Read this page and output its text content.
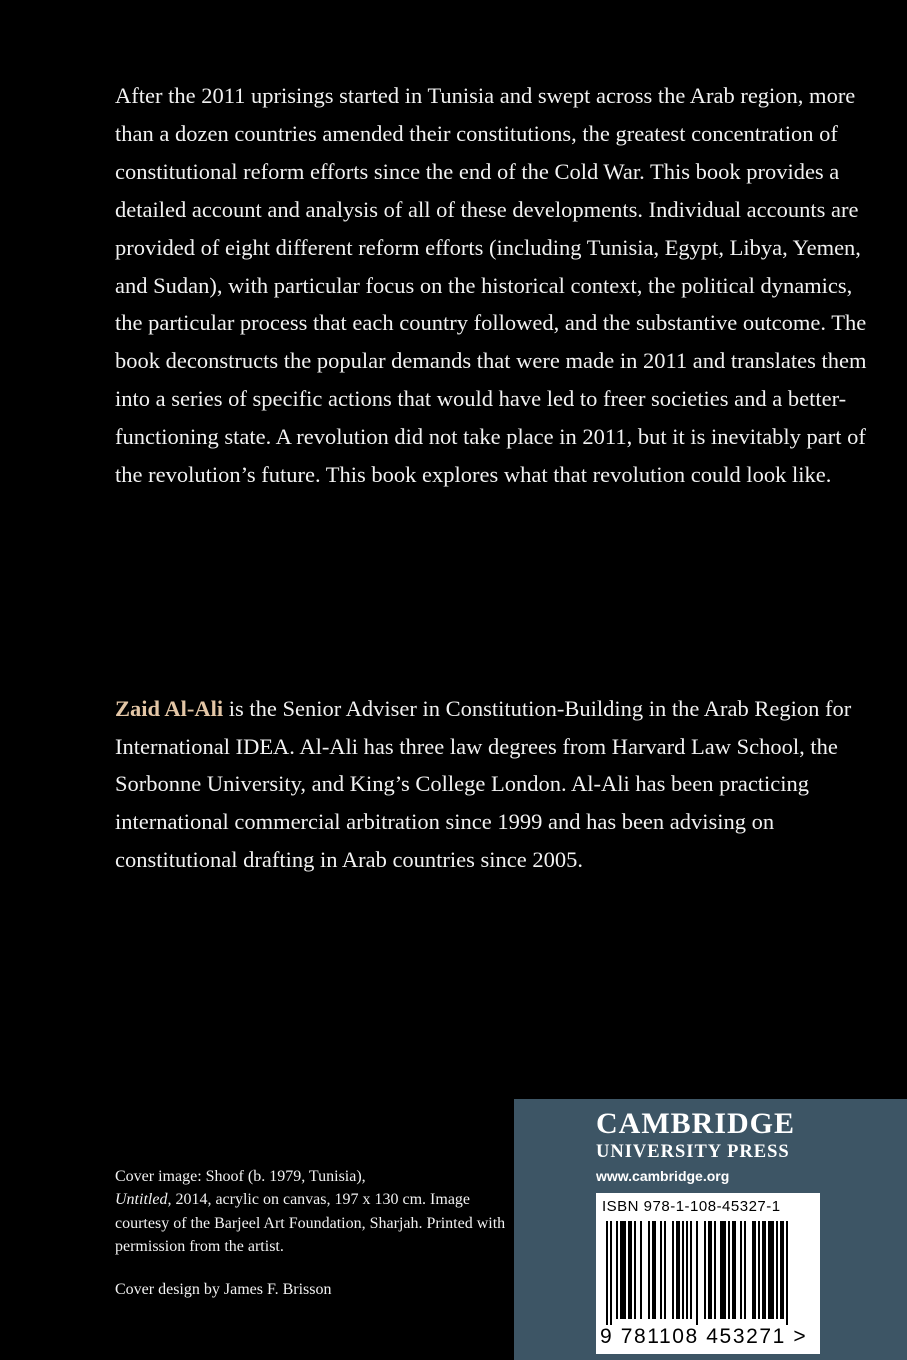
After the 2011 uprisings started in Tunisia and swept across the Arab region, more than a dozen countries amended their constitutions, the greatest concentration of constitutional reform efforts since the end of the Cold War. This book provides a detailed account and analysis of all of these developments. Individual accounts are provided of eight different reform efforts (including Tunisia, Egypt, Libya, Yemen, and Sudan), with particular focus on the historical context, the political dynamics, the particular process that each country followed, and the substantive outcome. The book deconstructs the popular demands that were made in 2011 and translates them into a series of specific actions that would have led to freer societies and a better-functioning state. A revolution did not take place in 2011, but it is inevitably part of the revolution’s future. This book explores what that revolution could look like.

Zaid Al-Ali is the Senior Adviser in Constitution-Building in the Arab Region for International IDEA. Al-Ali has three law degrees from Harvard Law School, the Sorbonne University, and King’s College London. Al-Ali has been practicing international commercial arbitration since 1999 and has been advising on constitutional drafting in Arab countries since 2005.

Cover image: Shoof (b. 1979, Tunisia),
Untitled, 2014, acrylic on canvas, 197 x 130 cm. Image courtesy of the Barjeel Art Foundation, Sharjah. Printed with permission from the artist.

Cover design by James F. Brisson

CAMBRIDGE

UNIVERSITY PRESS

www.cambridge.org

ISBN 978-1-108-45327-1
9 781108 453271 >
